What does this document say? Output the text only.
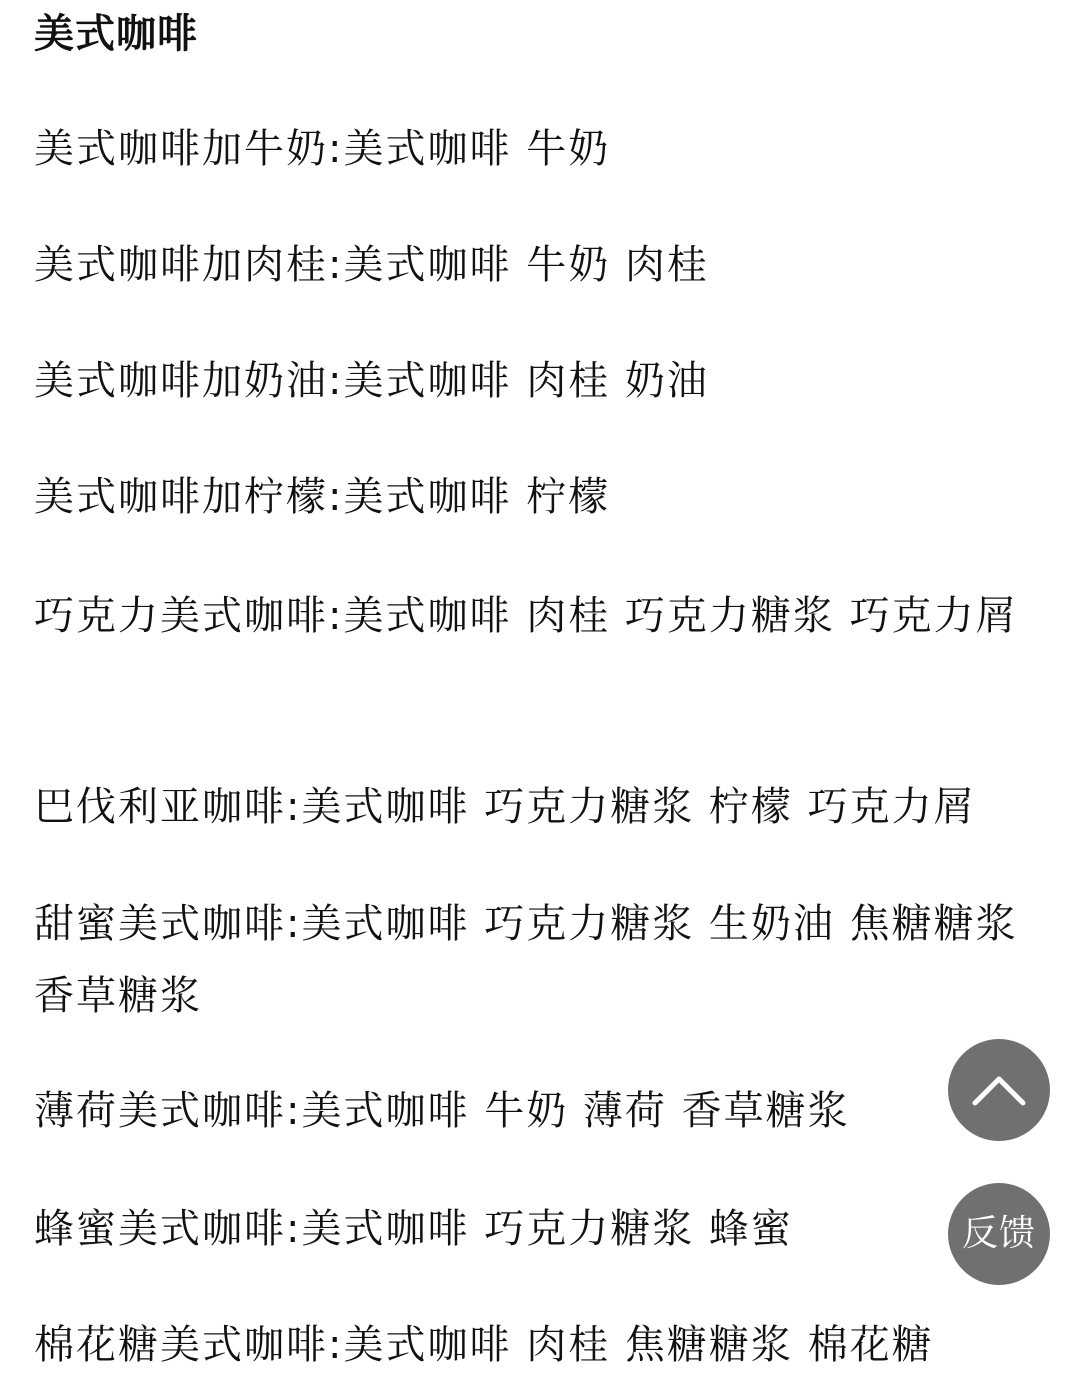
美式咖啡

美式咖啡加牛奶:美式咖啡 牛奶

美式咖啡加肉桂:美式咖啡 牛奶 肉桂

美式咖啡加奶油:美式咖啡 肉桂 奶油

美式咖啡加柠檬:美式咖啡 柠檬

巧克力美式咖啡:美式咖啡 肉桂 巧克力糖浆 巧克力屑

巴伐利亚咖啡:美式咖啡 巧克力糖浆 柠檬 巧克力屑

甜蜜美式咖啡:美式咖啡 巧克力糖浆 生奶油 焦糖糖浆 香草糖浆

薄荷美式咖啡:美式咖啡 牛奶 薄荷 香草糖浆

蜂蜜美式咖啡:美式咖啡 巧克力糖浆 蜂蜜

棉花糖美式咖啡:美式咖啡 肉桂 焦糖糖浆 棉花糖

反馈
